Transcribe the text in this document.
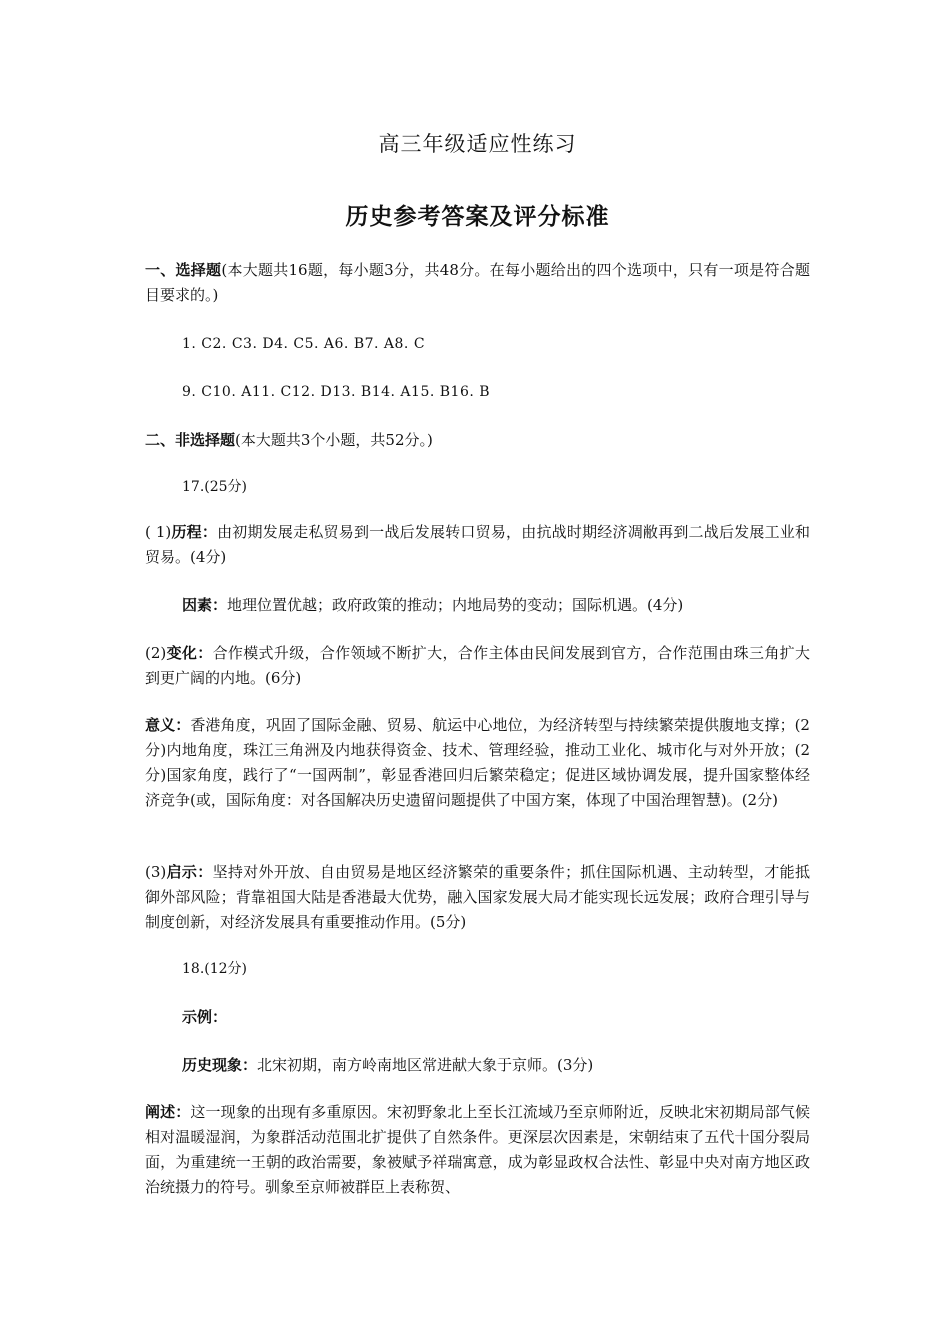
高三年级适应性练习
历史参考答案及评分标准
一、选择题(本大题共16题，每小题3分，共48分。在每小题给出的四个选项中，只有一项是符合题目要求的。)
1. C2. C3. D4. C5. A6. B7. A8. C
9. C10. A11. C12. D13. B14. A15. B16. B
二、非选择题(本大题共3个小题，共52分。)
17.(25分)
( 1)历程：由初期发展走私贸易到一战后发展转口贸易，由抗战时期经济凋敝再到二战后发展工业和贸易。(4分)
因素：地理位置优越；政府政策的推动；内地局势的变动；国际机遇。(4分)
(2)变化：合作模式升级，合作领域不断扩大，合作主体由民间发展到官方，合作范围由珠三角扩大到更广阔的内地。(6分)
意义：香港角度，巩固了国际金融、贸易、航运中心地位，为经济转型与持续繁荣提供腹地支撑；(2分)内地角度，珠江三角洲及内地获得资金、技术、管理经验，推动工业化、城市化与对外开放；(2分)国家角度，践行了“一国两制”，彰显香港回归后繁荣稳定；促进区域协调发展，提升国家整体经济竞争(或，国际角度：对各国解决历史遗留问题提供了中国方案，体现了中国治理智慧)。(2分)
(3)启示：坚持对外开放、自由贸易是地区经济繁荣的重要条件；抓住国际机遇、主动转型，才能抵御外部风险；背靠祖国大陆是香港最大优势，融入国家发展大局才能实现长远发展；政府合理引导与制度创新，对经济发展具有重要推动作用。(5分)
18.(12分)
示例：
历史现象：北宋初期，南方岭南地区常进献大象于京师。(3分)
阐述：这一现象的出现有多重原因。宋初野象北上至长江流域乃至京师附近，反映北宋初期局部气候相对温暖湿润，为象群活动范围北扩提供了自然条件。更深层次因素是，宋朝结束了五代十国分裂局面，为重建统一王朝的政治需要，象被赋予祥瑞寓意，成为彰显政权合法性、彰显中央对南方地区政治统摄力的符号。驯象至京师被群臣上表称贺、
